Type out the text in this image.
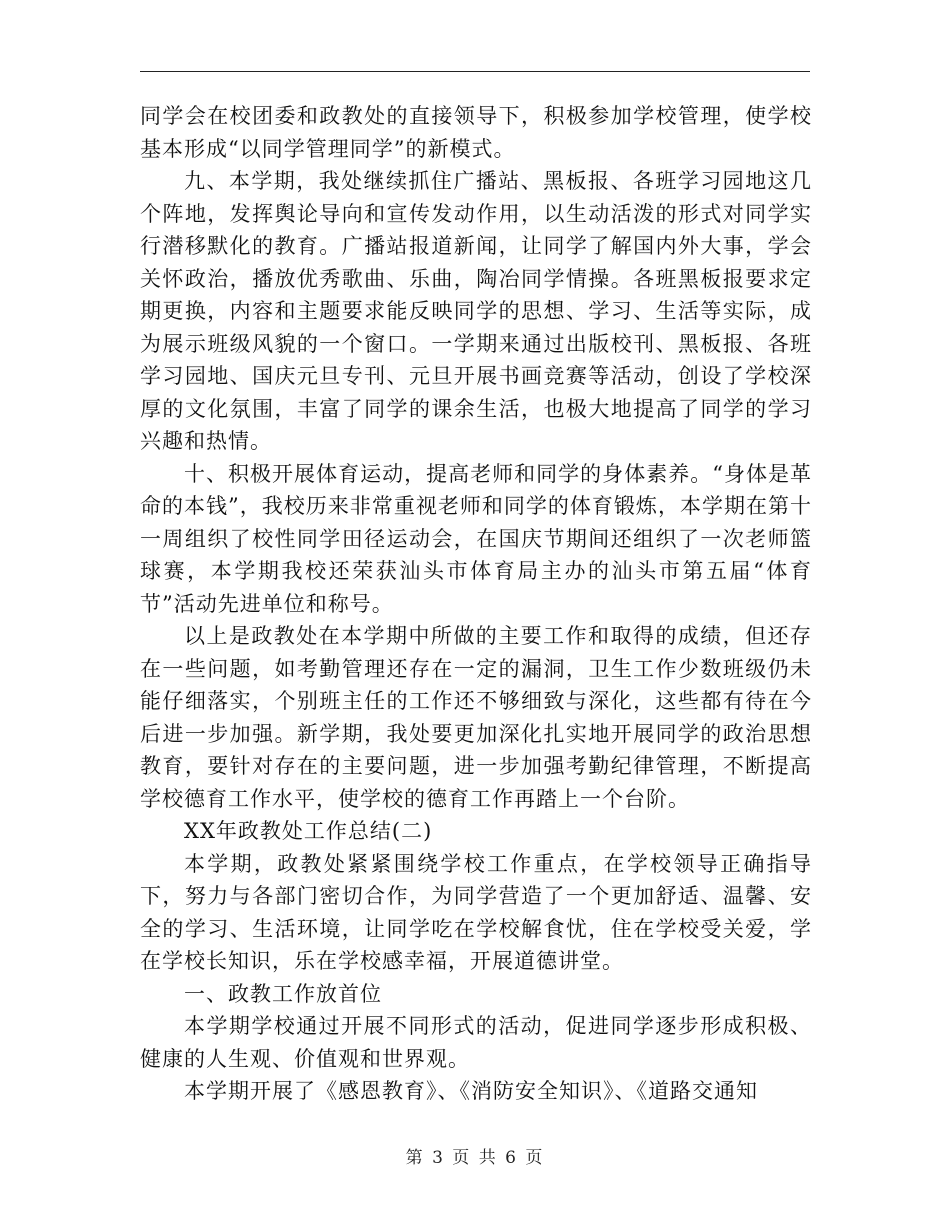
同学会在校团委和政教处的直接领导下，积极参加学校管理，使学校基本形成“以同学管理同学”的新模式。

九、本学期，我处继续抓住广播站、黑板报、各班学习园地这几个阵地，发挥舆论导向和宣传发动作用，以生动活泼的形式对同学实行潜移默化的教育。广播站报道新闻，让同学了解国内外大事，学会关怀政治，播放优秀歌曲、乐曲，陶冶同学情操。各班黑板报要求定期更换，内容和主题要求能反映同学的思想、学习、生活等实际，成为展示班级风貌的一个窗口。一学期来通过出版校刊、黑板报、各班学习园地、国庆元旦专刊、元旦开展书画竞赛等活动，创设了学校深厚的文化氛围，丰富了同学的课余生活，也极大地提高了同学的学习兴趣和热情。

十、积极开展体育运动，提高老师和同学的身体素养。“身体是革命的本钱”，我校历来非常重视老师和同学的体育锻炼，本学期在第十一周组织了校性同学田径运动会，在国庆节期间还组织了一次老师篮球赛，本学期我校还荣获汕头市体育局主办的汕头市第五届“体育节”活动先进单位和称号。

以上是政教处在本学期中所做的主要工作和取得的成绩，但还存在一些问题，如考勤管理还存在一定的漏洞，卫生工作少数班级仍未能仔细落实，个别班主任的工作还不够细致与深化，这些都有待在今后进一步加强。新学期，我处要更加深化扎实地开展同学的政治思想教育，要针对存在的主要问题，进一步加强考勤纪律管理，不断提高学校德育工作水平，使学校的德育工作再踏上一个台阶。

XX年政教处工作总结(二)

本学期，政教处紧紧围绕学校工作重点，在学校领导正确指导下，努力与各部门密切合作，为同学营造了一个更加舒适、温馨、安全的学习、生活环境，让同学吃在学校解食忧，住在学校受关爱，学在学校长知识，乐在学校感幸福，开展道德讲堂。

一、政教工作放首位

本学期学校通过开展不同形式的活动，促进同学逐步形成积极、健康的人生观、价值观和世界观。

本学期开展了《感恩教育》、《消防安全知识》、《道路交通知

第 3 页 共 6 页
